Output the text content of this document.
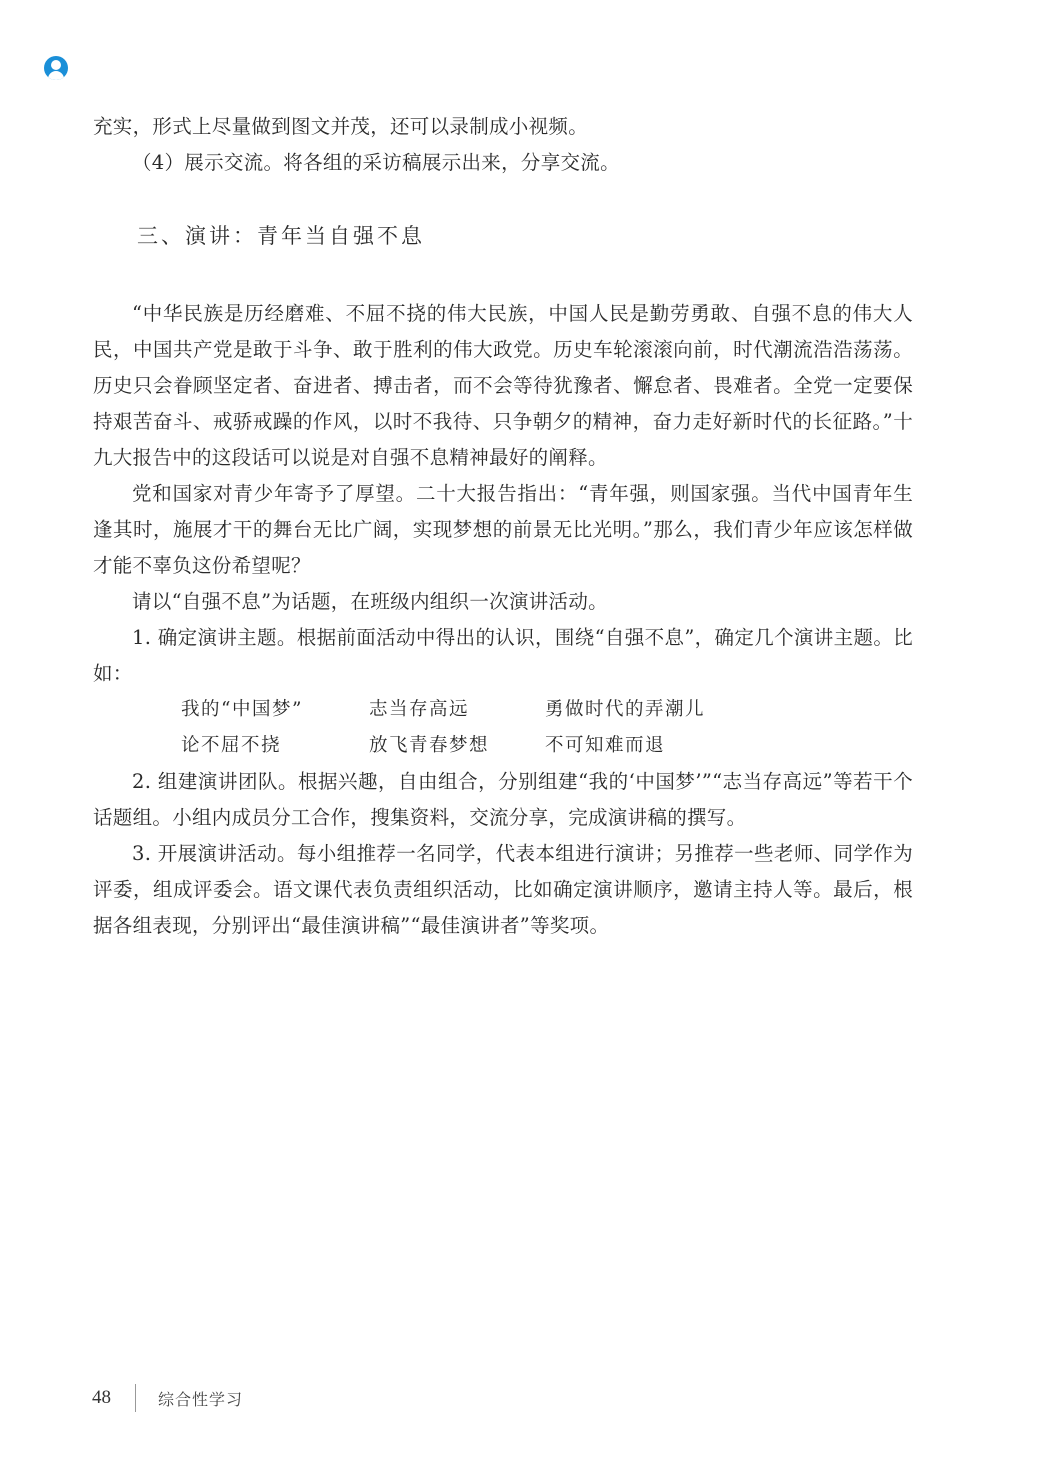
充实，形式上尽量做到图文并茂，还可以录制成小视频。

（4）展示交流。将各组的采访稿展示出来，分享交流。

三、演讲：青年当自强不息

“中华民族是历经磨难、不屈不挠的伟大民族，中国人民是勤劳勇敢、自强不息的伟大人民，中国共产党是敢于斗争、敢于胜利的伟大政党。历史车轮滚滚向前，时代潮流浩浩荡荡。历史只会眷顾坚定者、奋进者、搏击者，而不会等待犹豫者、懈怠者、畏难者。全党一定要保持艰苦奋斗、戒骄戒躁的作风，以时不我待、只争朝夕的精神，奋力走好新时代的长征路。”十九大报告中的这段话可以说是对自强不息精神最好的阐释。

党和国家对青少年寄予了厚望。二十大报告指出：“青年强，则国家强。当代中国青年生逢其时，施展才干的舞台无比广阔，实现梦想的前景无比光明。”那么，我们青少年应该怎样做才能不辜负这份希望呢？

请以“自强不息”为话题，在班级内组织一次演讲活动。

1. 确定演讲主题。根据前面活动中得出的认识，围绕“自强不息”，确定几个演讲主题。比如：

我的“中国梦”	志当存高远	勇做时代的弄潮儿
论不屈不挠	放飞青春梦想	不可知难而退

2. 组建演讲团队。根据兴趣，自由组合，分别组建“我的‘中国梦’”“志当存高远”等若干个话题组。小组内成员分工合作，搜集资料，交流分享，完成演讲稿的撰写。

3. 开展演讲活动。每小组推荐一名同学，代表本组进行演讲；另推荐一些老师、同学作为评委，组成评委会。语文课代表负责组织活动，比如确定演讲顺序，邀请主持人等。最后，根据各组表现，分别评出“最佳演讲稿”“最佳演讲者”等奖项。

48	综合性学习
